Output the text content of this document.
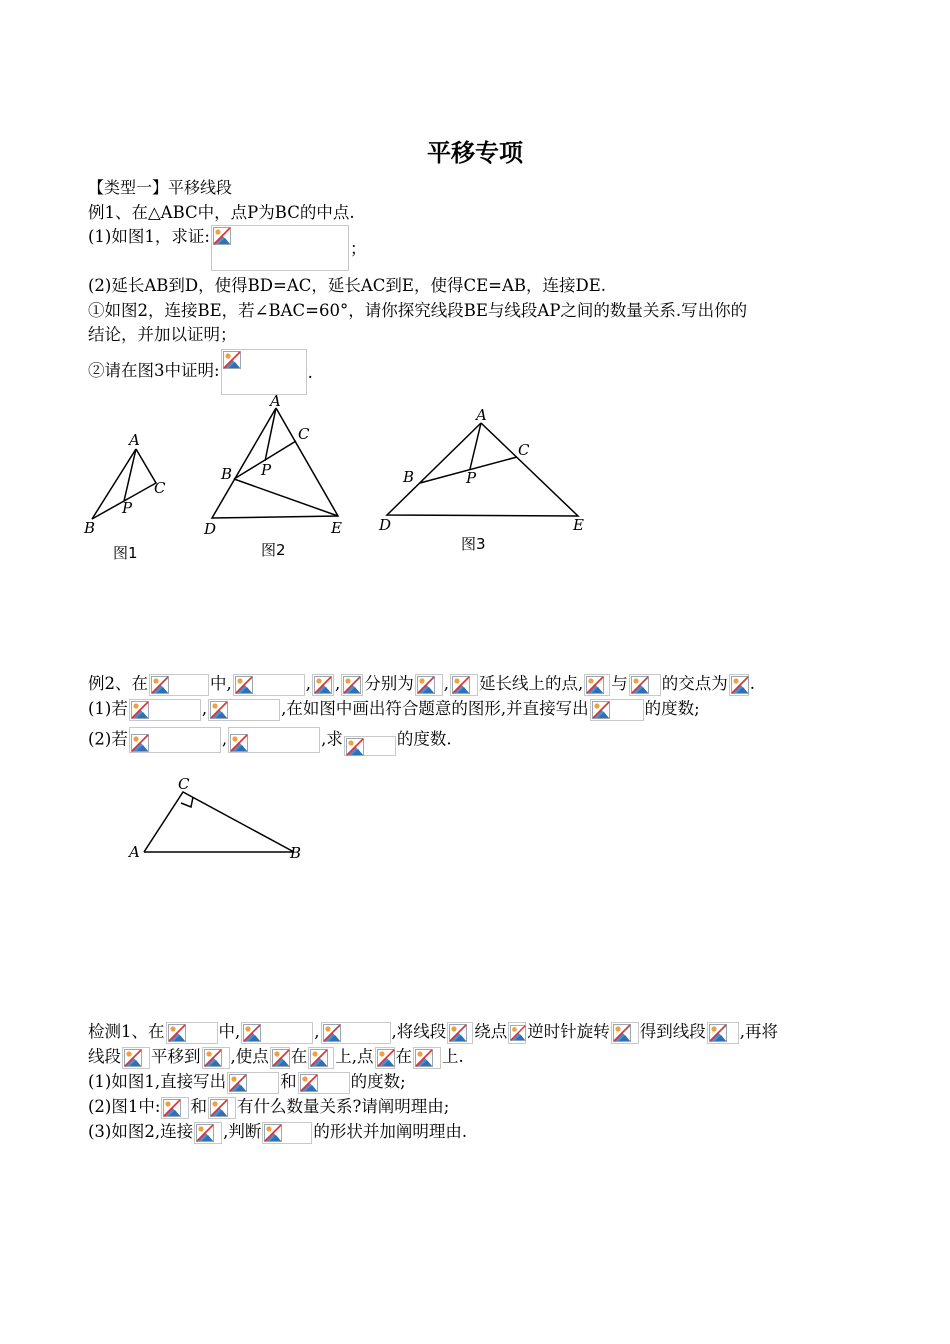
平移专项
【类型一】平移线段
例1、在△ABC中，点P为BC的中点.
(1)如图1，求证:
；
(2)延长AB到D，使得BD=AC，延长AC到E，使得CE=AB，连接DE.
①如图2，连接BE，若∠BAC=60°，请你探究线段BE与线段AP之间的数量关系.写出你的
结论，并加以证明；
②请在图3中证明:	.
A
B
C
P
图1
A
B
C
P
D	E
图2
A
B
C
P
D	E
图3
例2、在	中,	, , 分别为 , 延长线上的点, 与 的交点为 .
(1)若	,	,在如图中画出符合题意的图形,并直接写出	的度数;
(2)若	,	,求	的度数.
A	B
C
检测1、在	中,	,	,将线段 绕点 逆时针旋转 得到线段 ,再将
线段 平移到 ,使点 在 上,点 在 上.
(1)如图1,直接写出	和	的度数;
(2)图1中: 和 有什么数量关系?请阐明理由;
(3)如图2,连接 ,判断	的形状并加阐明理由.
